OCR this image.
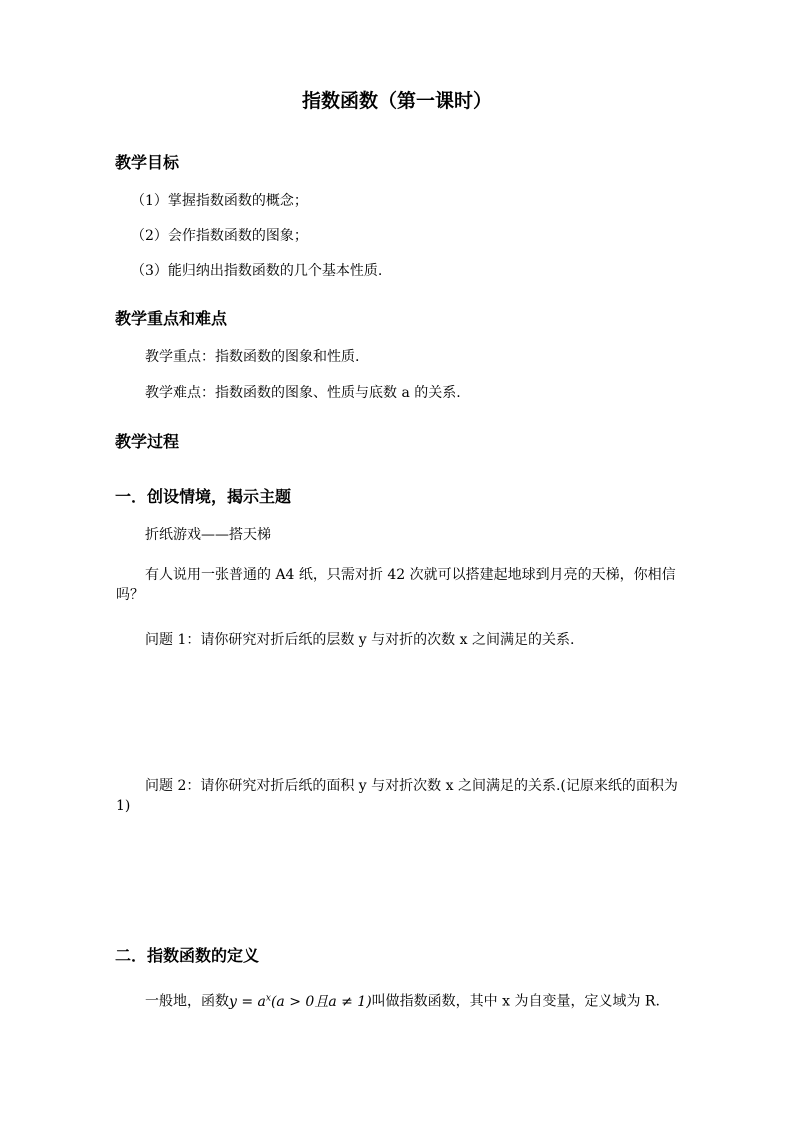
指数函数（第一课时）
教学目标
（1）掌握指数函数的概念；
（2）会作指数函数的图象；
（3）能归纳出指数函数的几个基本性质.
教学重点和难点
教学重点：指数函数的图象和性质.
教学难点：指数函数的图象、性质与底数 a 的关系.
教学过程
一．创设情境，揭示主题
折纸游戏——搭天梯
有人说用一张普通的 A4 纸，只需对折 42 次就可以搭建起地球到月亮的天梯，你相信吗？
问题 1：请你研究对折后纸的层数 y 与对折的次数 x 之间满足的关系.
问题 2：请你研究对折后纸的面积 y 与对折次数 x 之间满足的关系.(记原来纸的面积为 1)
二．指数函数的定义
一般地，函数$y = a^x(a > 0$且a ≠ 1)叫做指数函数，其中 x 为自变量，定义域为 R.
